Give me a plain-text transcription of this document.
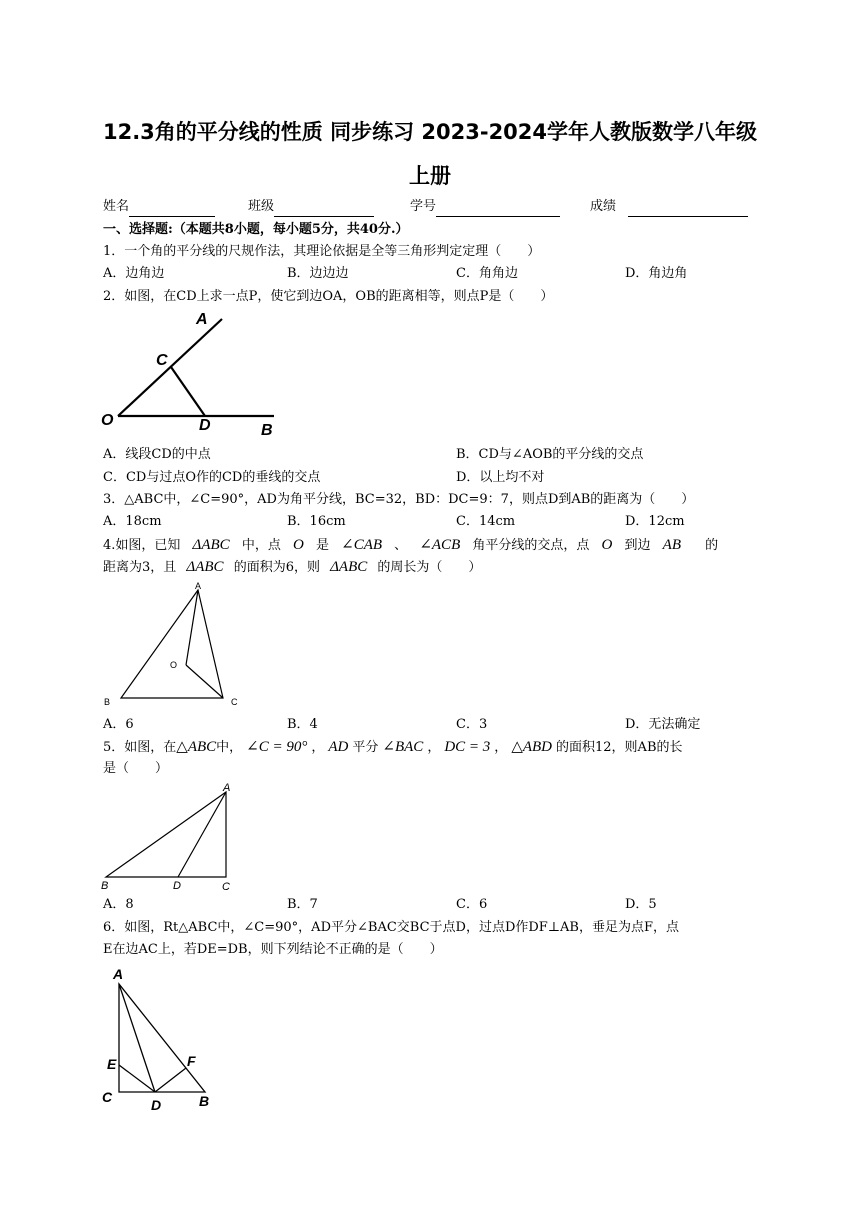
12.3角的平分线的性质 同步练习 2023-2024学年人教版数学八年级
上册
姓名	班级	学号	成绩
一、选择题:（本题共8小题，每小题5分，共40分.）
1．一个角的平分线的尺规作法，其理论依据是全等三角形判定定理（　　）
A．边角边	B．边边边	C．角角边	D．角边角
2．如图，在CD上求一点P，使它到边OA，OB的距离相等，则点P是（　　）
A
C
O	D	B
A．线段CD的中点	B．CD与∠AOB的平分线的交点
C．CD与过点O作的CD的垂线的交点	D．以上均不对
3．△ABC中，∠C=90°，AD为角平分线，BC=32，BD：DC=9：7，则点D到AB的距离为（　　）
A．18cm	B．16cm	C．14cm	D．12cm
4.如图，已知 ΔABC 中，点 O 是 ∠CAB 、 ∠ACB 角平分线的交点，点 O 到边 AB 的
距离为3，且 ΔABC 的面积为6，则 ΔABC 的周长为（　　）
A
O
B	C
A．6	B．4	C．3	D．无法确定
5．如图，在△ABC中， ∠C = 90° ， AD 平分 ∠BAC ， DC = 3 ， △ABD 的面积12，则AB的长
是（　　）
A
B	D	C
A．8	B．7	C．6	D．5
6．如图，Rt△ABC中，∠C=90°，AD平分∠BAC交BC于点D，过点D作DF⊥AB，垂足为点F，点
E在边AC上，若DE=DB，则下列结论不正确的是（　　）
A
E	F
C	D	B
